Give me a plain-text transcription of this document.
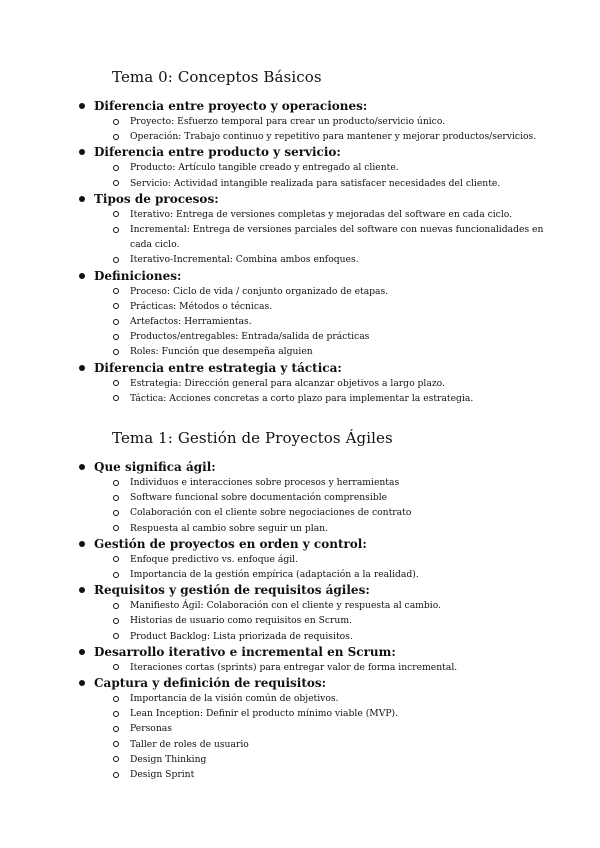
Tema 0: Conceptos Básicos
Diferencia entre proyecto y operaciones:
Proyecto: Esfuerzo temporal para crear un producto/servicio único.
Operación: Trabajo continuo y repetitivo para mantener y mejorar productos/servicios.
Diferencia entre producto y servicio:
Producto: Artículo tangible creado y entregado al cliente.
Servicio: Actividad intangible realizada para satisfacer necesidades del cliente.
Tipos de procesos:
Iterativo: Entrega de versiones completas y mejoradas del software en cada ciclo.
Incremental: Entrega de versiones parciales del software con nuevas funcionalidades en cada ciclo.
Iterativo-Incremental: Combina ambos enfoques.
Definiciones:
Proceso: Ciclo de vida / conjunto organizado de etapas.
Prácticas: Métodos o técnicas.
Artefactos: Herramientas.
Productos/entregables: Entrada/salida de prácticas
Roles: Función que desempeña alguien
Diferencia entre estrategia y táctica:
Estrategia: Dirección general para alcanzar objetivos a largo plazo.
Táctica: Acciones concretas a corto plazo para implementar la estrategia.
Tema 1: Gestión de Proyectos Ágiles
Que significa ágil:
Individuos e interacciones sobre procesos y herramientas
Software funcional sobre documentación comprensible
Colaboración con el cliente sobre negociaciones de contrato
Respuesta al cambio sobre seguir un plan.
Gestión de proyectos en orden y control:
Enfoque predictivo vs. enfoque ágil.
Importancia de la gestión empírica (adaptación a la realidad).
Requisitos y gestión de requisitos ágiles:
Manifiesto Ágil: Colaboración con el cliente y respuesta al cambio.
Historias de usuario como requisitos en Scrum.
Product Backlog: Lista priorizada de requisitos.
Desarrollo iterativo e incremental en Scrum:
Iteraciones cortas (sprints) para entregar valor de forma incremental.
Captura y definición de requisitos:
Importancia de la visión común de objetivos.
Lean Inception: Definir el producto mínimo viable (MVP).
Personas
Taller de roles de usuario
Design Thinking
Design Sprint
